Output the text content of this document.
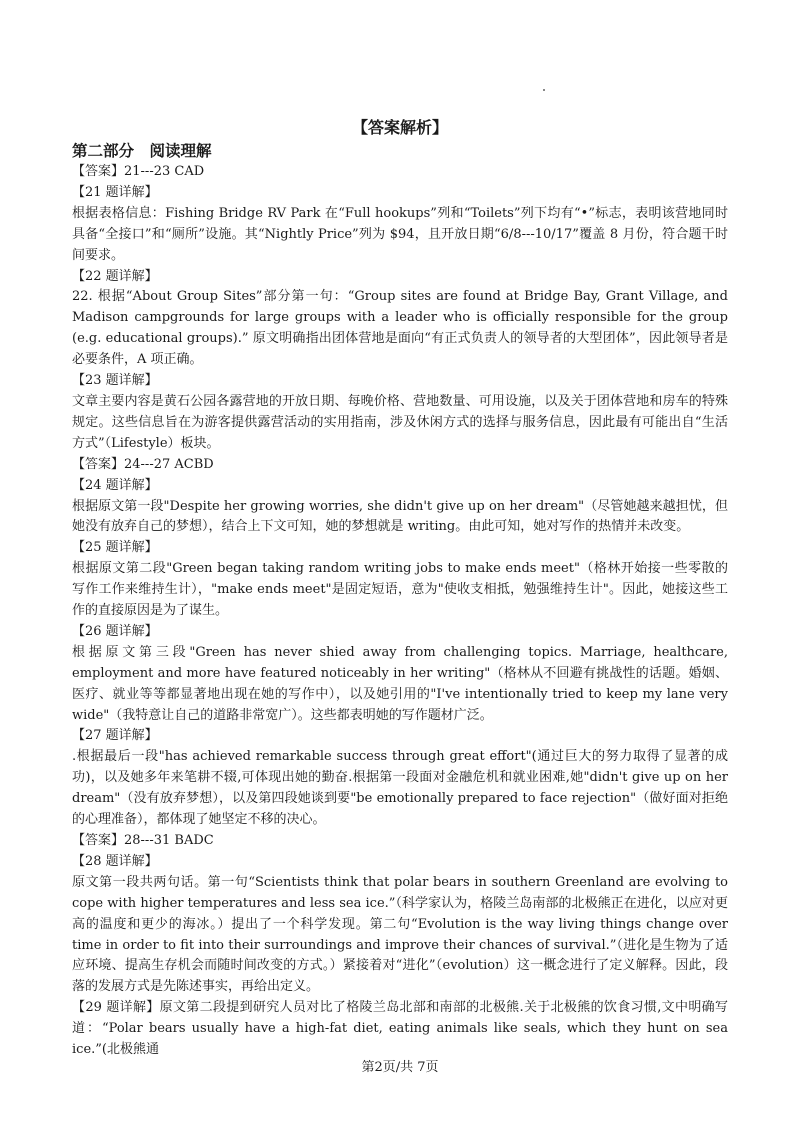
【答案解析】

第二部分　阅读理解

【答案】21---23 CAD

【21 题详解】

根据表格信息：Fishing Bridge RV Park 在“Full hookups”列和“Toilets”列下均有“•”标志，表明该营地同时具备“全接口”和“厕所”设施。其“Nightly Price”列为 $94，且开放日期“6/8---10/17”覆盖 8 月份，符合题干时间要求。

【22 题详解】

22. 根据“About Group Sites”部分第一句：“Group sites are found at Bridge Bay, Grant Village, and Madison campgrounds for large groups with a leader who is officially responsible for the group (e.g. educational groups).” 原文明确指出团体营地是面向“有正式负责人的领导者的大型团体”，因此领导者是必要条件，A 项正确。

【23 题详解】

文章主要内容是黄石公园各露营地的开放日期、每晚价格、营地数量、可用设施，以及关于团体营地和房车的特殊规定。这些信息旨在为游客提供露营活动的实用指南，涉及休闲方式的选择与服务信息，因此最有可能出自“生活方式”（Lifestyle）板块。

【答案】24---27 ACBD

【24 题详解】

根据原文第一段"Despite her growing worries, she didn't give up on her dream"（尽管她越来越担忧，但她没有放弃自己的梦想），结合上下文可知，她的梦想就是 writing。由此可知，她对写作的热情并未改变。

【25 题详解】

根据原文第二段"Green began taking random writing jobs to make ends meet"（格林开始接一些零散的写作工作来维持生计），"make ends meet"是固定短语，意为"使收支相抵，勉强维持生计"。因此，她接这些工作的直接原因是为了谋生。

【26 题详解】

根据原文第三段"Green has never shied away from challenging topics. Marriage, healthcare, employment and more have featured noticeably in her writing"（格林从不回避有挑战性的话题。婚姻、医疗、就业等等都显著地出现在她的写作中），以及她引用的"I've intentionally tried to keep my lane very wide"（我特意让自己的道路非常宽广）。这些都表明她的写作题材广泛。

【27 题详解】

.根据最后一段"has achieved remarkable success through great effort"(通过巨大的努力取得了显著的成功)，以及她多年来笔耕不辍,可体现出她的勤奋.根据第一段面对金融危机和就业困难,她"didn't give up on her dream"（没有放弃梦想），以及第四段她谈到要"be emotionally prepared to face rejection"（做好面对拒绝的心理准备），都体现了她坚定不移的决心。

【答案】28---31 BADC

【28 题详解】

原文第一段共两句话。第一句“Scientists think that polar bears in southern Greenland are evolving to cope with higher temperatures and less sea ice.”（科学家认为，格陵兰岛南部的北极熊正在进化，以应对更高的温度和更少的海冰。）提出了一个科学发现。第二句“Evolution is the way living things change over time in order to fit into their surroundings and improve their chances of survival.”（进化是生物为了适应环境、提高生存机会而随时间改变的方式。）紧接着对“进化”（evolution）这一概念进行了定义解释。因此，段落的发展方式是先陈述事实，再给出定义。

【29 题详解】原文第二段提到研究人员对比了格陵兰岛北部和南部的北极熊.关于北极熊的饮食习惯,文中明确写道：“Polar bears usually have a high-fat diet, eating animals like seals, which they hunt on sea ice.”(北极熊通

第2页/共 7页
